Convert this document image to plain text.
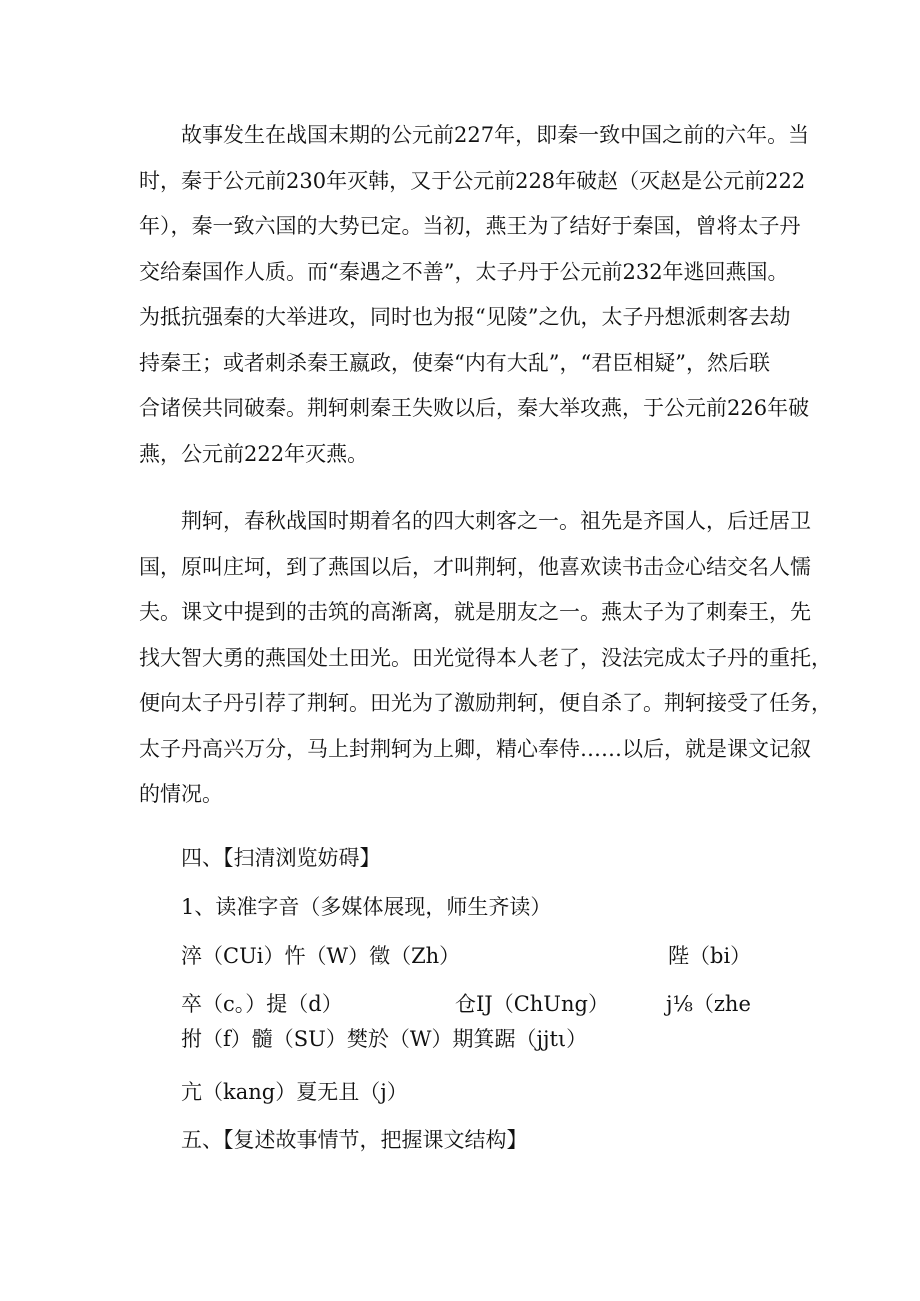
故事发生在战国末期的公元前227年，即秦一致中国之前的六年。当
时，秦于公元前230年灭韩，又于公元前228年破赵（灭赵是公元前222
年），秦一致六国的大势已定。当初，燕王为了结好于秦国，曾将太子丹
交给秦国作人质。而“秦遇之不善”，太子丹于公元前232年逃回燕国。
为抵抗强秦的大举进攻，同时也为报“见陵”之仇，太子丹想派刺客去劫
持秦王；或者刺杀秦王嬴政，使秦“内有大乱”，“君臣相疑”，然后联
合诸侯共同破秦。荆轲刺秦王失败以后，秦大举攻燕，于公元前226年破
燕，公元前222年灭燕。
荆轲，春秋战国时期着名的四大刺客之一。祖先是齐国人，后迁居卫
国，原叫庄坷，到了燕国以后，才叫荆轲，他喜欢读书击佥心结交名人懦
夫。课文中提到的击筑的高渐离，就是朋友之一。燕太子为了刺秦王，先
找大智大勇的燕国处土田光。田光觉得本人老了，没法完成太子丹的重托，
便向太子丹引荐了荆轲。田光为了激励荆轲，便自杀了。荆轲接受了任务，
太子丹高兴万分，马上封荆轲为上卿，精心奉侍……以后，就是课文记叙
的情况。

四、【扫清浏览妨碍】

1、读准字音（多媒体展现，师生齐读）

淬（CUi）忤（W）徵（Zh）	陛（bi）
卒（c。）提（d）	仓IJ（ChUng）	j⅛（zhe
拊（f）髓（SU）樊於（W）期箕踞（jjtι）
亢（kang）夏无且（j）

五、【复述故事情节，把握课文结构】
